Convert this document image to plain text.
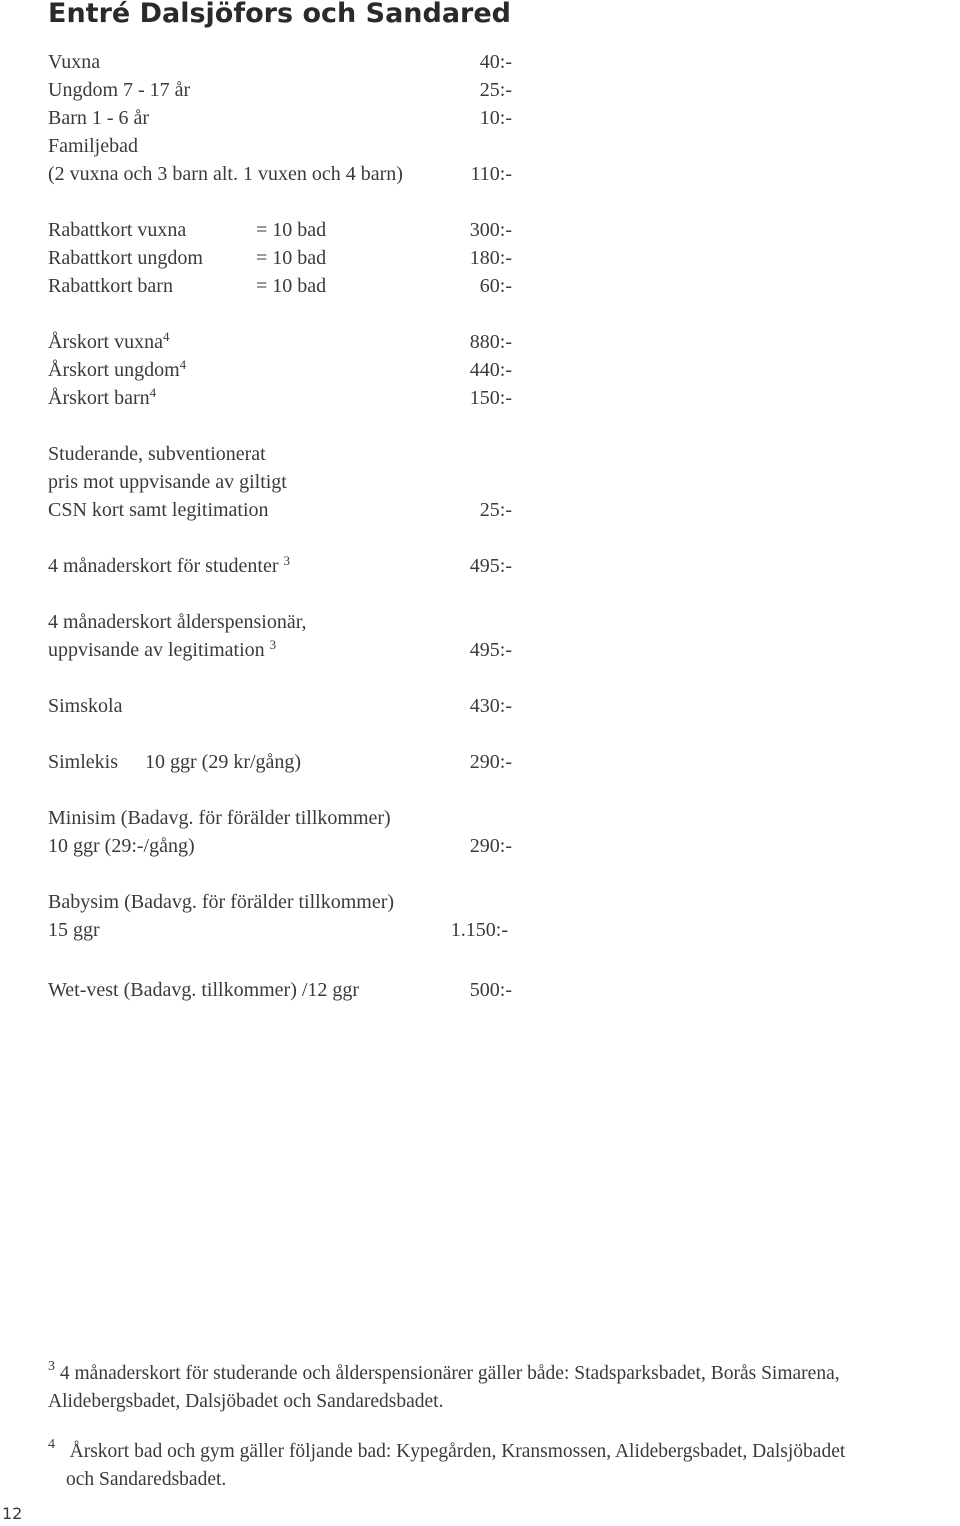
Entré Dalsjöfors och Sandared
Vuxna	40:-
Ungdom 7 - 17 år	25:-
Barn 1 - 6 år	10:-
Familjebad
(2 vuxna och 3 barn alt. 1 vuxen och 4 barn)	110:-
Rabattkort vuxna	= 10 bad	300:-
Rabattkort ungdom	= 10 bad	180:-
Rabattkort barn	= 10 bad	60:-
Årskort vuxna$^4$	880:-
Årskort ungdom$^4$	440:-
Årskort barn$^4$	150:-
Studerande, subventionerat
pris mot uppvisande av giltigt
CSN kort samt legitimation	25:-
4 månaderskort för studenter $^3$	495:-
4 månaderskort ålderspensionär,
uppvisande av legitimation $^3$	495:-
Simskola	430:-
Simlekis 10 ggr (29 kr/gång)	290:-
Minisim (Badavg. för förälder tillkommer)
10 ggr (29:-/gång)	290:-
Babysim (Badavg. för förälder tillkommer)
15 ggr	1.150:-
Wet-vest (Badavg. tillkommer) /12 ggr	500:-
$^3$ 4 månaderskort för studerande och ålderspensionärer gäller både: Stadsparksbadet, Borås Simarena,
Alidebergsbadet, Dalsjöbadet och Sandaredsbadet.
$^4$ Årskort bad och gym gäller följande bad: Kypegården, Kransmossen, Alidebergsbadet, Dalsjöbadet
och Sandaredsbadet.
12
